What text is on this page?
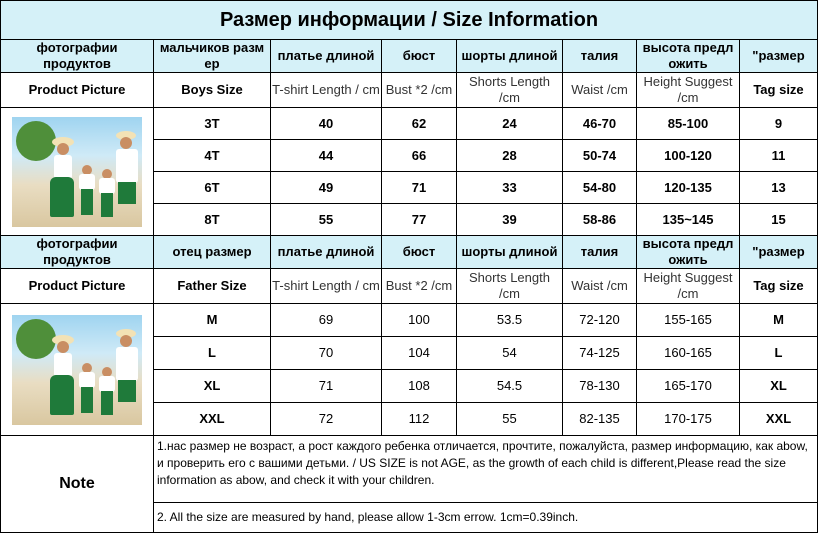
Размер информации / Size Information							
фотографии продуктов	мальчиков разм ер	платье длиной	бюст	шорты длиной	талия	высота предл ожить	"размер
Product Picture	Boys Size	T-shirt Length / cm	Bust *2 /cm	Shorts Length /cm	Waist /cm	Height Suggest /cm	Tag size

	3T	40	62	24	46-70	85-100	9
	4T	44	66	28	50-74	100-120	11
	6T	49	71	33	54-80	120-135	13
	8T	55	77	39	58-86	135~145	15
фотографии продуктов	отец размер	платье длиной	бюст	шорты длиной	талия	высота предл ожить	"размер
Product Picture	Father Size	T-shirt Length / cm	Bust *2 /cm	Shorts Length /cm	Waist /cm	Height Suggest /cm	Tag size

	M	69	100	53.5	72-120	155-165	M
	L	70	104	54	74-125	160-165	L
	XL	71	108	54.5	78-130	165-170	XL
	XXL	72	112	55	82-135	170-175	XXL
Note	1.нас размер не возраст, а рост каждого ребенка отличается, прочтите, пожалуйста, размер информацию, как abow, и проверить его с вашими детьми. / US SIZE is not AGE, as the growth of each child is different,Please read the size information as abow, and check it with your children.						
	2. All the size are measured by hand, please allow 1-3cm errow. 1cm=0.39inch.						
